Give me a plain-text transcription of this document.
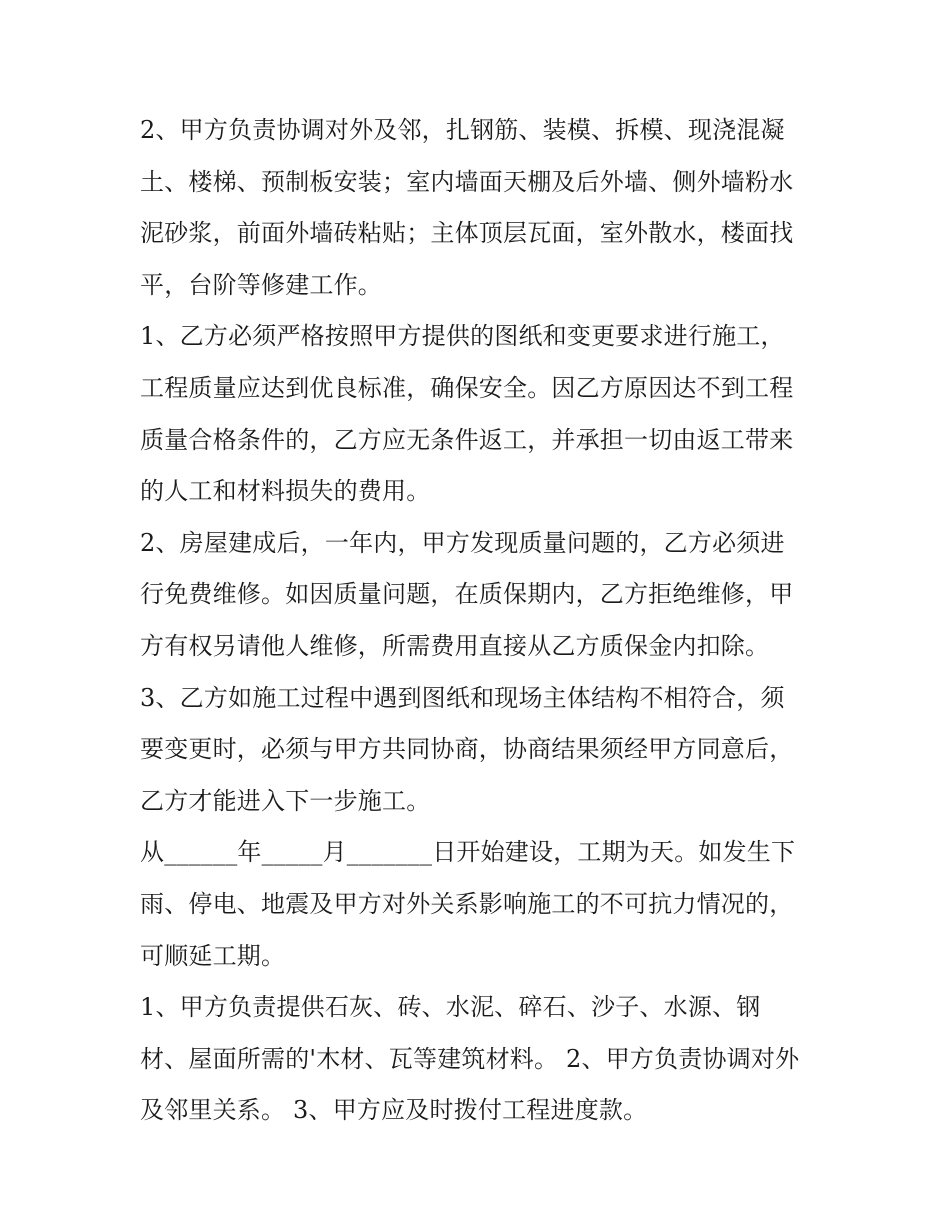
2、甲方负责协调对外及邻，扎钢筋、装模、拆模、现浇混凝
土、楼梯、预制板安装；室内墙面天棚及后外墙、侧外墙粉水
泥砂浆，前面外墙砖粘贴；主体顶层瓦面，室外散水，楼面找
平，台阶等修建工作。
1、乙方必须严格按照甲方提供的图纸和变更要求进行施工，
工程质量应达到优良标准，确保安全。因乙方原因达不到工程
质量合格条件的，乙方应无条件返工，并承担一切由返工带来
的人工和材料损失的费用。
2、房屋建成后，一年内，甲方发现质量问题的，乙方必须进
行免费维修。如因质量问题，在质保期内，乙方拒绝维修，甲
方有权另请他人维修，所需费用直接从乙方质保金内扣除。
3、乙方如施工过程中遇到图纸和现场主体结构不相符合，须
要变更时，必须与甲方共同协商，协商结果须经甲方同意后，
乙方才能进入下一步施工。
从______年_____月_______日开始建设，工期为天。如发生下
雨、停电、地震及甲方对外关系影响施工的不可抗力情况的，
可顺延工期。
1、甲方负责提供石灰、砖、水泥、碎石、沙子、水源、钢
材、屋面所需的'木材、瓦等建筑材料。 2、甲方负责协调对外
及邻里关系。 3、甲方应及时拨付工程进度款。
